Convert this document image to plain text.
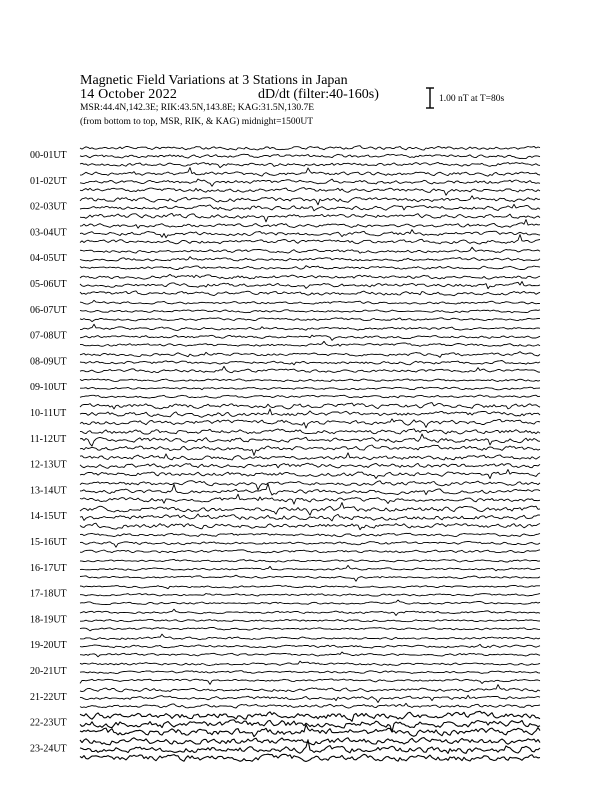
Magnetic Field Variations at 3 Stations in Japan
14 October 2022	dD/dt (filter:40-160s)
MSR:44.4N,142.3E; RIK:43.5N,143.8E; KAG:31.5N,130.7E
(from bottom to top, MSR, RIK, & KAG) midnight=1500UT
1.00 nT at T=80s
00-01UT
01-02UT
02-03UT
03-04UT
04-05UT
05-06UT
06-07UT
07-08UT
08-09UT
09-10UT
10-11UT
11-12UT
12-13UT
13-14UT
14-15UT
15-16UT
16-17UT
17-18UT
18-19UT
19-20UT
20-21UT
21-22UT
22-23UT
23-24UT
